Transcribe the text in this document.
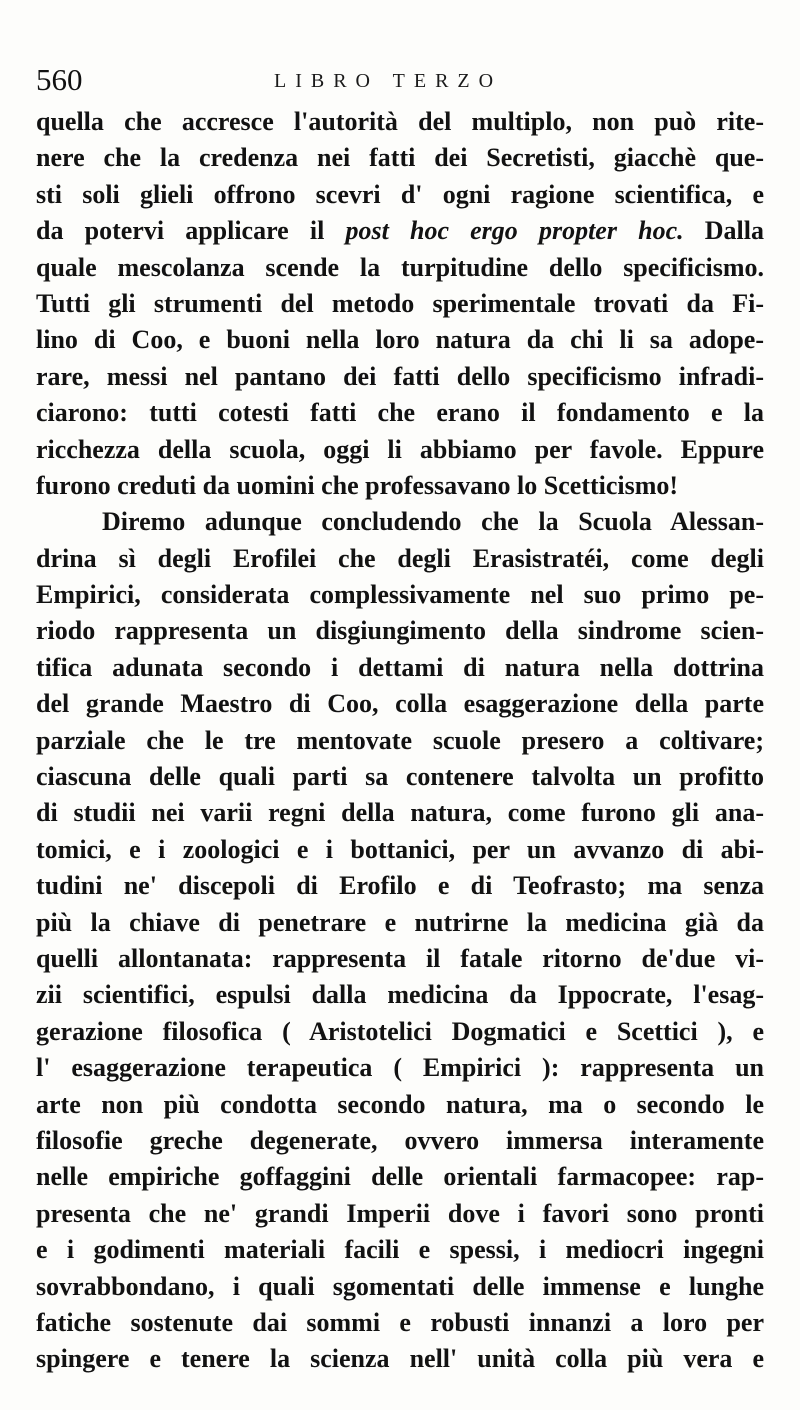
560	LIBRO TERZO
quella che accresce l'autorità del multiplo, non può rite-
nere che la credenza nei fatti dei Secretisti, giacchè que-
sti soli glieli offrono scevri d' ogni ragione scientifica, e
da potervi applicare il post hoc ergo propter hoc. Dalla
quale mescolanza scende la turpitudine dello specificismo.
Tutti gli strumenti del metodo sperimentale trovati da Fi-
lino di Coo, e buoni nella loro natura da chi li sa adope-
rare, messi nel pantano dei fatti dello specificismo infradi-
ciarono: tutti cotesti fatti che erano il fondamento e la
ricchezza della scuola, oggi li abbiamo per favole. Eppure
furono creduti da uomini che professavano lo Scetticismo!
Diremo adunque concludendo che la Scuola Alessan-
drina sì degli Erofilei che degli Erasistratéi, come degli
Empirici, considerata complessivamente nel suo primo pe-
riodo rappresenta un disgiungimento della sindrome scien-
tifica adunata secondo i dettami di natura nella dottrina
del grande Maestro di Coo, colla esaggerazione della parte
parziale che le tre mentovate scuole presero a coltivare;
ciascuna delle quali parti sa contenere talvolta un profitto
di studii nei varii regni della natura, come furono gli ana-
tomici, e i zoologici e i bottanici, per un avvanzo di abi-
tudini ne' discepoli di Erofilo e di Teofrasto; ma senza
più la chiave di penetrare e nutrirne la medicina già da
quelli allontanata: rappresenta il fatale ritorno de'due vi-
zii scientifici, espulsi dalla medicina da Ippocrate, l'esag-
gerazione filosofica ( Aristotelici Dogmatici e Scettici ), e
l' esaggerazione terapeutica ( Empirici ): rappresenta un
arte non più condotta secondo natura, ma o secondo le
filosofie greche degenerate, ovvero immersa interamente
nelle empiriche goffaggini delle orientali farmacopee: rap-
presenta che ne' grandi Imperii dove i favori sono pronti
e i godimenti materiali facili e spessi, i mediocri ingegni
sovrabbondano, i quali sgomentati delle immense e lunghe
fatiche sostenute dai sommi e robusti innanzi a loro per
spingere e tenere la scienza nell' unità colla più vera e
